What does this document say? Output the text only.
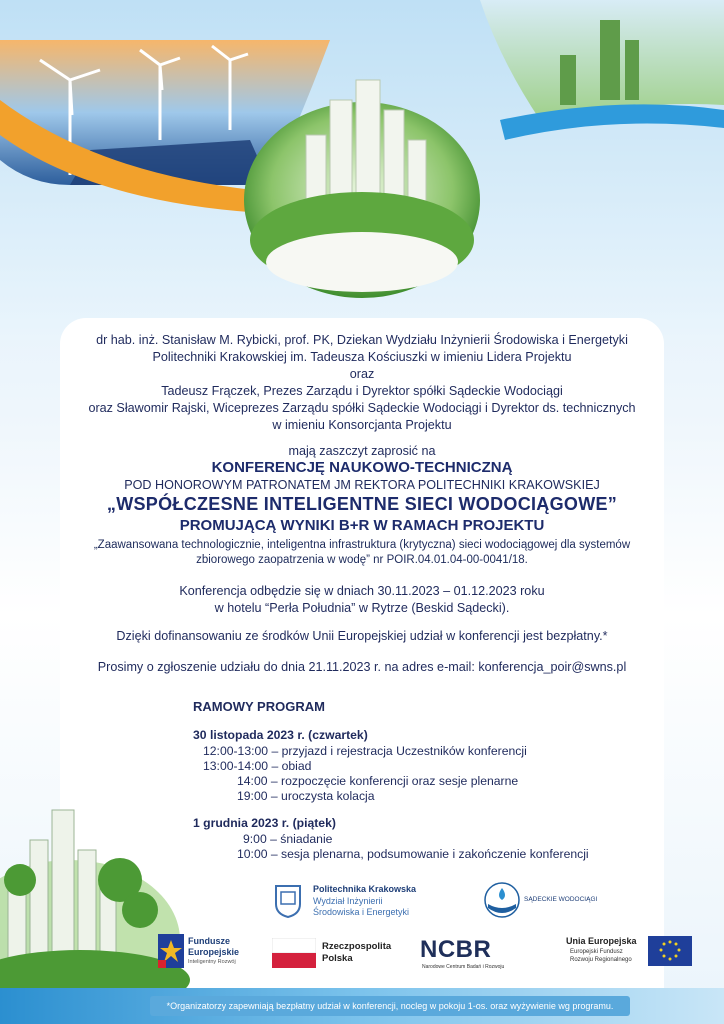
dr hab. inż. Stanisław M. Rybicki, prof. PK, Dziekan Wydziału Inżynierii Środowiska i Energetyki
Politechniki Krakowskiej im. Tadeusza Kościuszki w imieniu Lidera Projektu
oraz
Tadeusz Frączek, Prezes Zarządu i Dyrektor spółki Sądeckie Wodociągi
oraz Sławomir Rajski, Wiceprezes Zarządu spółki Sądeckie Wodociągi i Dyrektor ds. technicznych
w imieniu Konsorcjanta Projektu
mają zaszczyt zaprosić na
KONFERENCJĘ NAUKOWO-TECHNICZNĄ
POD HONOROWYM PATRONATEM JM REKTORA POLITECHNIKI KRAKOWSKIEJ
„WSPÓŁCZESNE INTELIGENTNE SIECI WODOCIĄGOWE”
PROMUJĄCĄ WYNIKI B+R W RAMACH PROJEKTU
„Zaawansowana technologicznie, inteligentna infrastruktura (krytyczna) sieci wodociągowej dla systemów
zbiorowego zaopatrzenia w wodę” nr POIR.04.01.04-00-0041/18.
Konferencja odbędzie się w dniach 30.11.2023 – 01.12.2023 roku
w hotelu “Perła Południa” w Rytrze (Beskid Sądecki).
Dzięki dofinansowaniu ze środków Unii Europejskiej udział w konferencji jest bezpłatny.*
Prosimy o zgłoszenie udziału do dnia 21.11.2023 r. na adres e-mail: konferencja_poir@swns.pl
RAMOWY PROGRAM
30 listopada 2023 r. (czwartek)
12:00-13:00 – przyjazd i rejestracja Uczestników konferencji
13:00-14:00 – obiad
14:00 – rozpoczęcie konferencji oraz sesje plenarne
19:00 – uroczysta kolacja
1 grudnia 2023 r. (piątek)
9:00 – śniadanie
10:00 – sesja plenarna, podsumowanie i zakończenie konferencji
Politechnika Krakowska
Wydział Inżynierii
Środowiska i Energetyki
SĄDECKIE WODOCIĄGI
Fundusze
Europejskie
Inteligentny Rozwój
Rzeczpospolita
Polska	NCBR
Narodowe Centrum Badań i Rozwoju
Unia Europejska
Europejski Fundusz
Rozwoju Regionalnego
*Organizatorzy zapewniają bezpłatny udział w konferencji, nocleg w pokoju 1-os. oraz wyżywienie wg programu.
